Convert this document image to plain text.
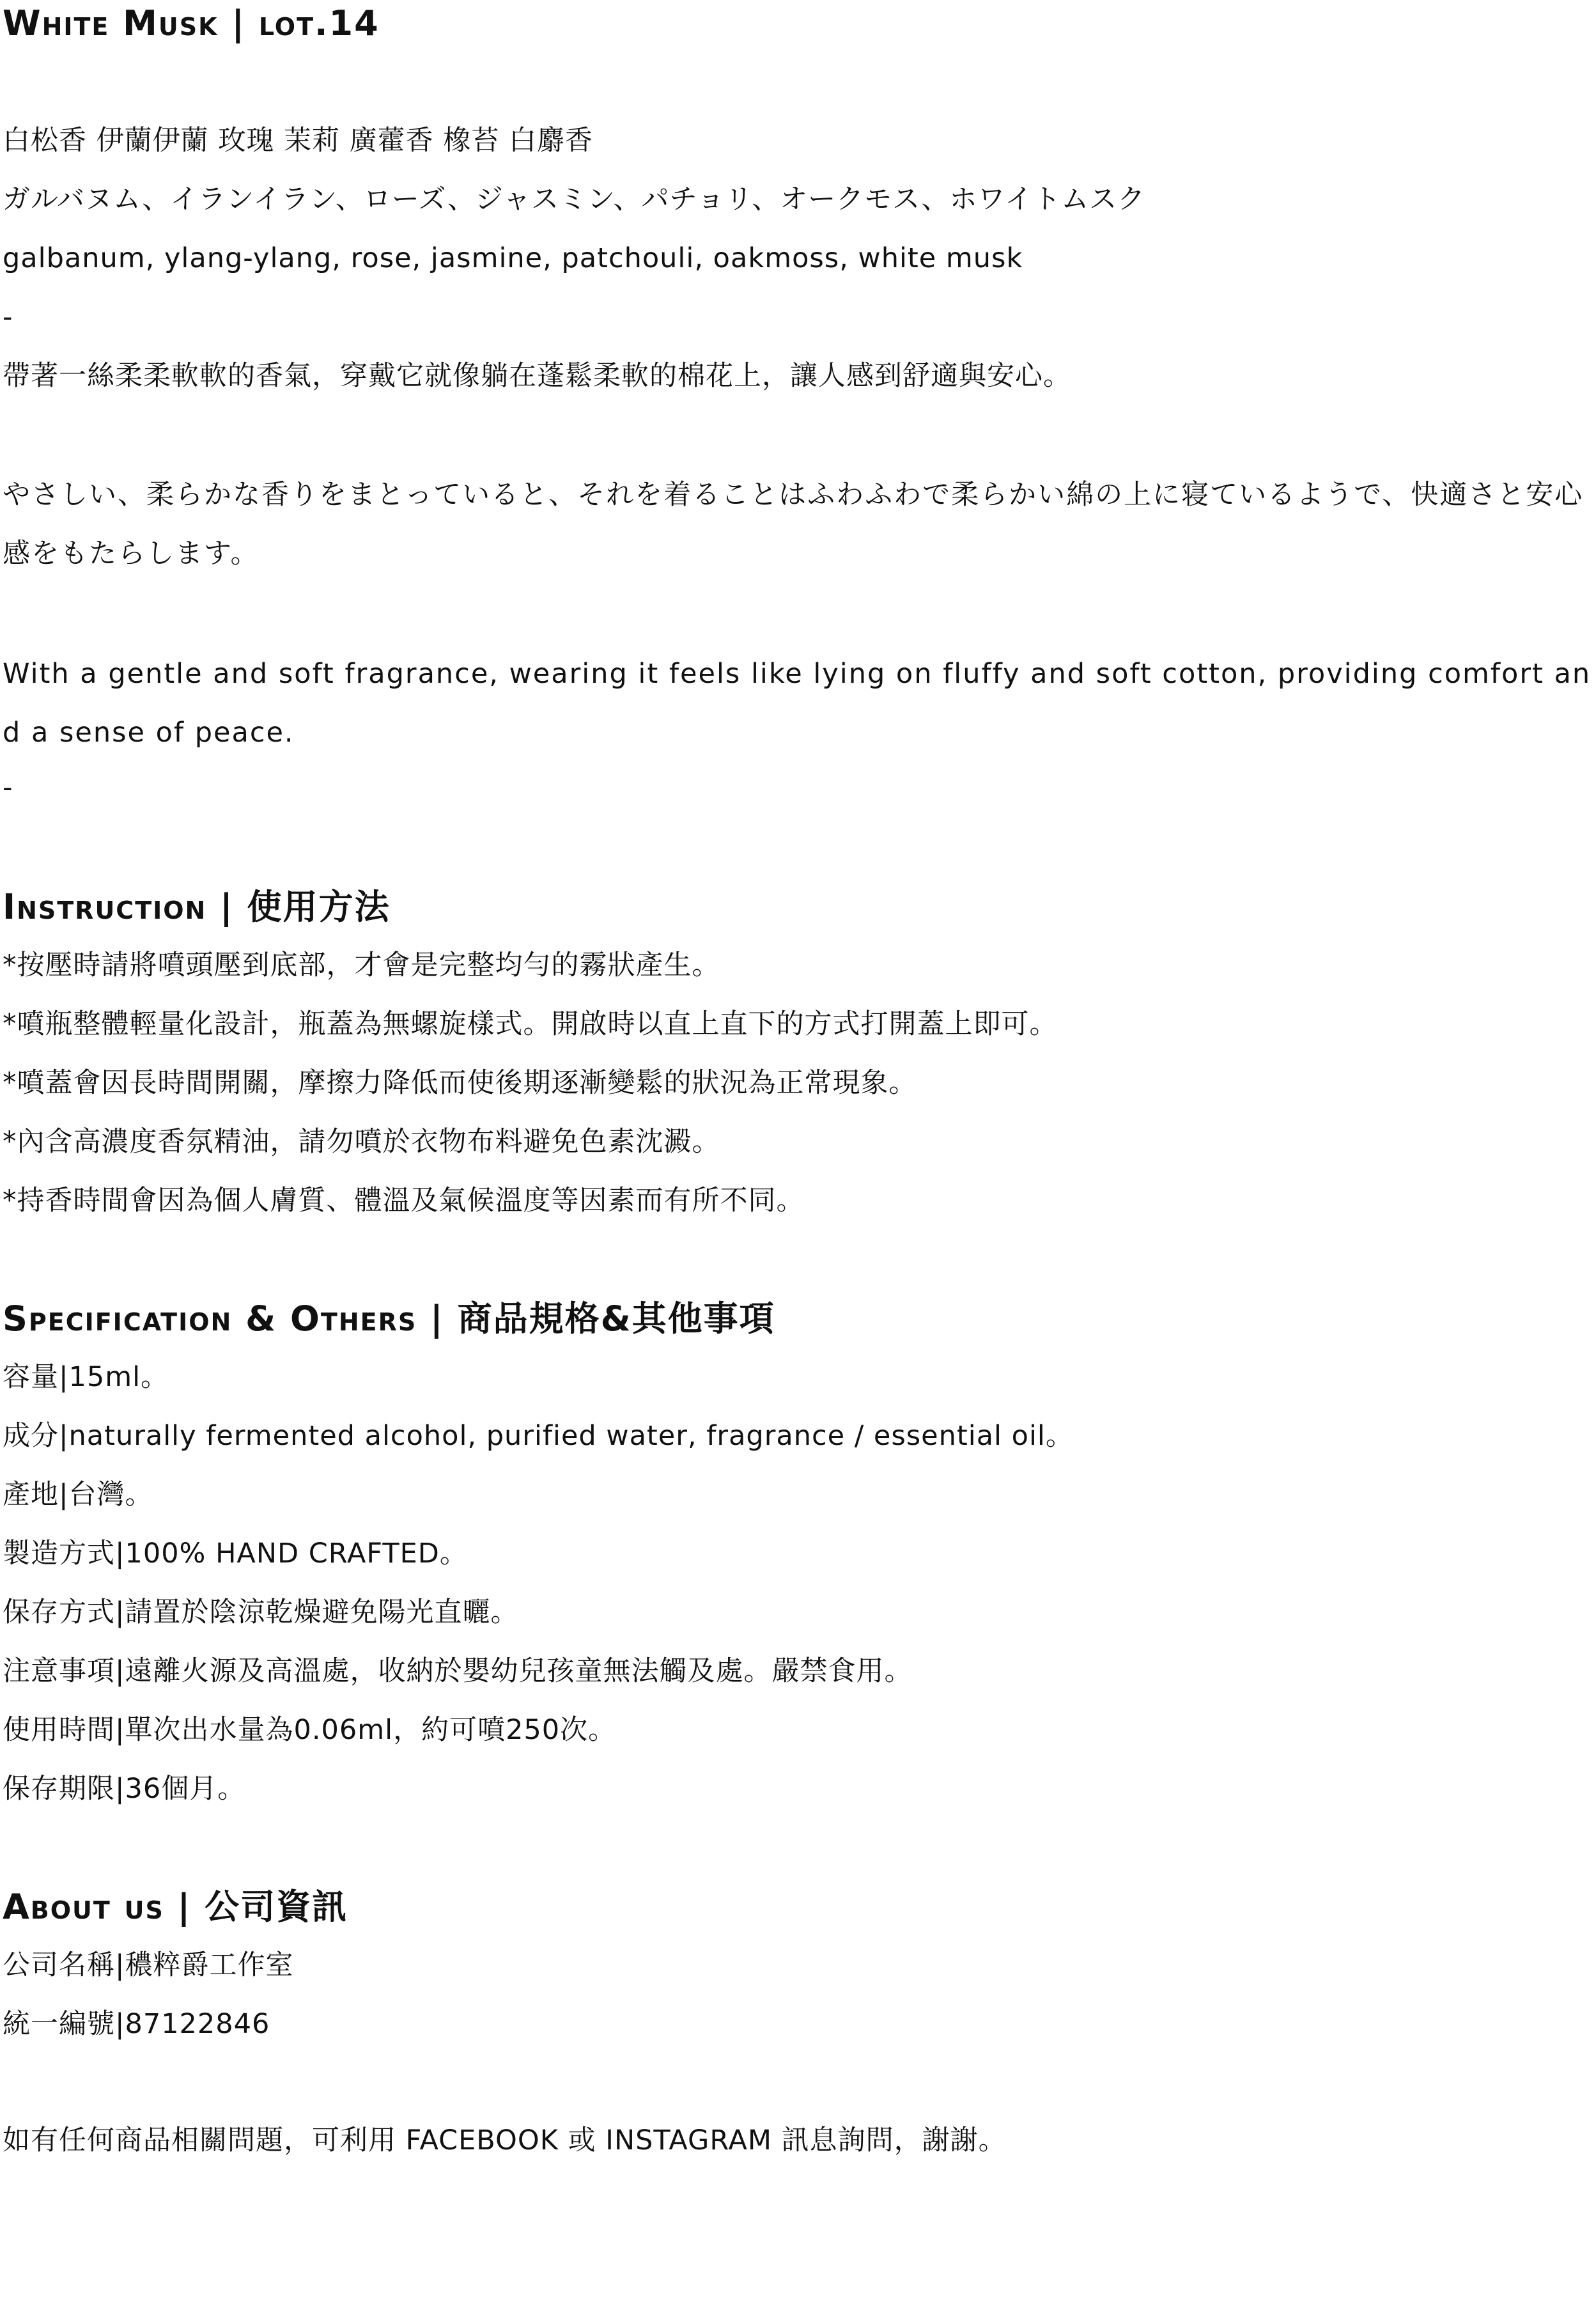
White Musk | lot.14
白松香 伊蘭伊蘭 玫瑰 茉莉 廣藿香 橡苔 白麝香
ガルバヌム、イランイラン、ローズ、ジャスミン、パチョリ、オークモス、ホワイトムスク
galbanum, ylang-ylang, rose, jasmine, patchouli, oakmoss, white musk
-
帶著一絲柔柔軟軟的香氣，穿戴它就像躺在蓬鬆柔軟的棉花上，讓人感到舒適與安心。
やさしい、柔らかな香りをまとっていると、それを着ることはふわふわで柔らかい綿の上に寝ているようで、快適さと安心感をもたらします。
With a gentle and soft fragrance, wearing it feels like lying on fluffy and soft cotton, providing comfort and a sense of peace.
-
Instruction | 使用方法
*按壓時請將噴頭壓到底部，才會是完整均勻的霧狀產生。
*噴瓶整體輕量化設計，瓶蓋為無螺旋樣式。開啟時以直上直下的方式打開蓋上即可。
*噴蓋會因長時間開關，摩擦力降低而使後期逐漸變鬆的狀況為正常現象。
*內含高濃度香氛精油，請勿噴於衣物布料避免色素沈澱。
*持香時間會因為個人膚質、體溫及氣候溫度等因素而有所不同。
Specification & Others | 商品規格&其他事項
容量|15ml。
成分|naturally fermented alcohol, purified water, fragrance / essential oil。
產地|台灣。
製造方式|100% HAND CRAFTED。
保存方式|請置於陰涼乾燥避免陽光直曬。
注意事項|遠離火源及高溫處，收納於嬰幼兒孩童無法觸及處。嚴禁食用。
使用時間|單次出水量為0.06ml，約可噴250次。
保存期限|36個月。
About us | 公司資訊
公司名稱|穠粹爵工作室
統一編號|87122846
如有任何商品相關問題，可利用 FACEBOOK 或 INSTAGRAM 訊息詢問，謝謝。
